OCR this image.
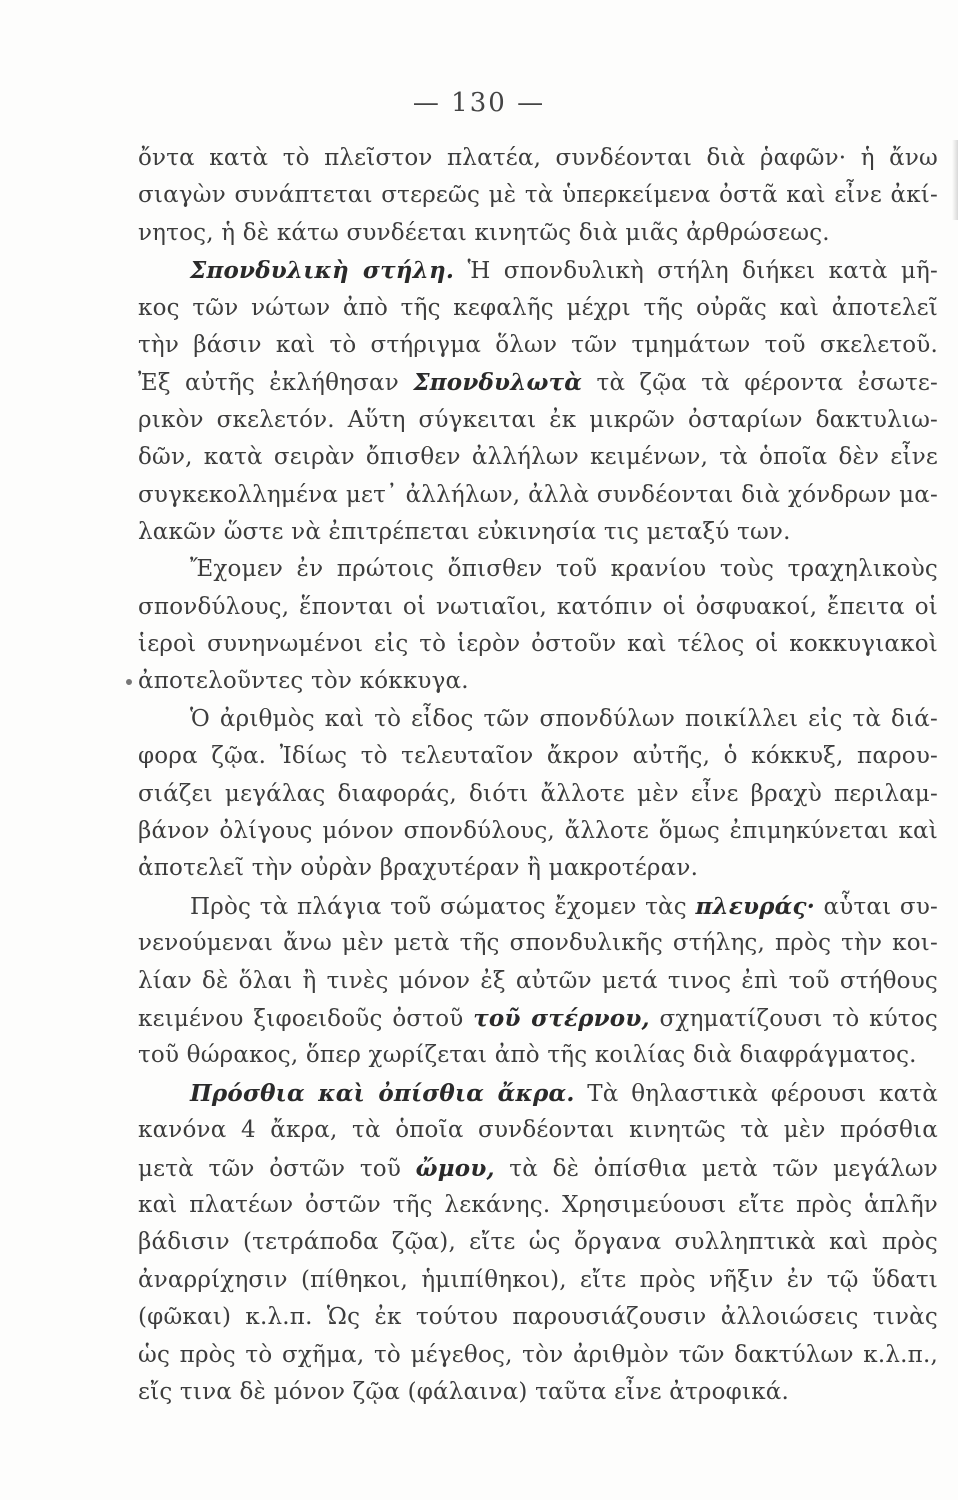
— 130 —
ὄντα κατὰ τὸ πλεῖστον πλατέα, συνδέονται διὰ ῥαφῶν· ἡ ἄνω
σιαγὼν συνάπτεται στερεῶς μὲ τὰ ὑπερκείμενα ὀστᾶ καὶ εἶνε ἀκί-
νητος, ἡ δὲ κάτω συνδέεται κινητῶς διὰ μιᾶς ἀρθρώσεως.
Σπονδυλικὴ στήλη. Ἡ σπονδυλικὴ στήλη διήκει κατὰ μῆ-
κος τῶν νώτων ἀπὸ τῆς κεφαλῆς μέχρι τῆς οὐρᾶς καὶ ἀποτελεῖ
τὴν βάσιν καὶ τὸ στήριγμα ὅλων τῶν τμημάτων τοῦ σκελετοῦ.
Ἐξ αὐτῆς ἐκλήθησαν Σπονδυλωτὰ τὰ ζῷα τὰ φέροντα ἐσωτε-
ρικὸν σκελετόν. Αὕτη σύγκειται ἐκ μικρῶν ὀσταρίων δακτυλιω-
δῶν, κατὰ σειρὰν ὄπισθεν ἀλλήλων κειμένων, τὰ ὁποῖα δὲν εἶνε
συγκεκολλημένα μετ᾿ ἀλλήλων, ἀλλὰ συνδέονται διὰ χόνδρων μα-
λακῶν ὥστε νὰ ἐπιτρέπεται εὐκινησία τις μεταξύ των.
Ἔχομεν ἐν πρώτοις ὄπισθεν τοῦ κρανίου τοὺς τραχηλικοὺς
σπονδύλους, ἕπονται οἱ νωτιαῖοι, κατόπιν οἱ ὀσφυακοί, ἔπειτα οἱ
ἱεροὶ συνηνωμένοι εἰς τὸ ἱερὸν ὀστοῦν καὶ τέλος οἱ κοκκυγιακοὶ
ἀποτελοῦντες τὸν κόκκυγα.
Ὁ ἀριθμὸς καὶ τὸ εἶδος τῶν σπονδύλων ποικίλλει εἰς τὰ διά-
φορα ζῷα. Ἰδίως τὸ τελευταῖον ἄκρον αὐτῆς, ὁ κόκκυξ, παρου-
σιάζει μεγάλας διαφοράς, διότι ἄλλοτε μὲν εἶνε βραχὺ περιλαμ-
βάνον ὀλίγους μόνον σπονδύλους, ἄλλοτε ὅμως ἐπιμηκύνεται καὶ
ἀποτελεῖ τὴν οὐρὰν βραχυτέραν ἢ μακροτέραν.
Πρὸς τὰ πλάγια τοῦ σώματος ἔχομεν τὰς πλευράς· αὗται συ-
νενούμεναι ἄνω μὲν μετὰ τῆς σπονδυλικῆς στήλης, πρὸς τὴν κοι-
λίαν δὲ ὅλαι ἢ τινὲς μόνον ἐξ αὐτῶν μετά τινος ἐπὶ τοῦ στήθους
κειμένου ξιφοειδοῦς ὀστοῦ τοῦ στέρνου, σχηματίζουσι τὸ κύτος
τοῦ θώρακος, ὅπερ χωρίζεται ἀπὸ τῆς κοιλίας διὰ διαφράγματος.
Πρόσθια καὶ ὀπίσθια ἄκρα. Τὰ θηλαστικὰ φέρουσι κατὰ
κανόνα 4 ἄκρα, τὰ ὁποῖα συνδέονται κινητῶς τὰ μὲν πρόσθια
μετὰ τῶν ὀστῶν τοῦ ὤμου, τὰ δὲ ὀπίσθια μετὰ τῶν μεγάλων
καὶ πλατέων ὀστῶν τῆς λεκάνης. Χρησιμεύουσι εἴτε πρὸς ἁπλῆν
βάδισιν (τετράποδα ζῷα), εἴτε ὡς ὄργανα συλληπτικὰ καὶ πρὸς
ἀναρρίχησιν (πίθηκοι, ἡμιπίθηκοι), εἴτε πρὸς νῆξιν ἐν τῷ ὕδατι
(φῶκαι) κ.λ.π. Ὡς ἐκ τούτου παρουσιάζουσιν ἀλλοιώσεις τινὰς
ὡς πρὸς τὸ σχῆμα, τὸ μέγεθος, τὸν ἀριθμὸν τῶν δακτύλων κ.λ.π.,
εἴς τινα δὲ μόνον ζῷα (φάλαινα) ταῦτα εἶνε ἀτροφικά.
